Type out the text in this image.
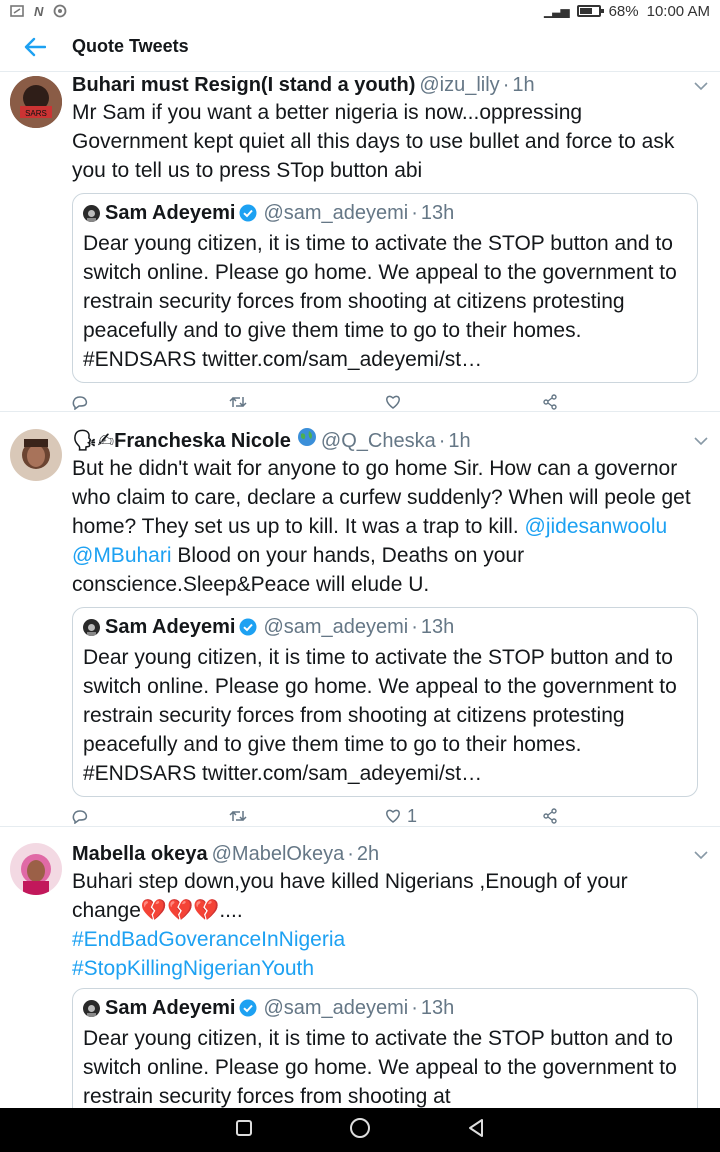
N	▁▃▅	68% 10:00 AM
Quote Tweets
SARS
Buhari must Resign(I stand a youth) @izu_lily · 1h
Mr Sam if you want a better nigeria is now...oppressing Government kept quiet all this days to use bullet and force to ask you to tell us to press STop button abi
Sam Adeyemi @sam_adeyemi · 13h
Dear young citizen, it is time to activate the STOP button and to switch online. Please go home. We appeal to the government to restrain security forces from shooting at citizens protesting peacefully and to give them time to go to their homes. #ENDSARS twitter.com/sam_adeyemi/st…
🗣✍Francheska Nicole @Q_Cheska · 1h
But he didn't wait for anyone to go home Sir. How can a governor who claim to care, declare a curfew suddenly? When will peole get home? They set us up to kill. It was a trap to kill. @jidesanwoolu @MBuhari Blood on your hands, Deaths on your conscience.Sleep&Peace will elude U.
Sam Adeyemi @sam_adeyemi · 13h
Dear young citizen, it is time to activate the STOP button and to switch online. Please go home. We appeal to the government to restrain security forces from shooting at citizens protesting peacefully and to give them time to go to their homes. #ENDSARS twitter.com/sam_adeyemi/st…
1
Mabella okeya @MabelOkeya · 2h
Buhari step down,you have killed Nigerians ,Enough of your change💔💔💔....
#EndBadGoveranceInNigeria
#StopKillingNigerianYouth
Sam Adeyemi @sam_adeyemi · 13h
Dear young citizen, it is time to activate the STOP button and to switch online. Please go home. We appeal to the government to restrain security forces from shooting at
